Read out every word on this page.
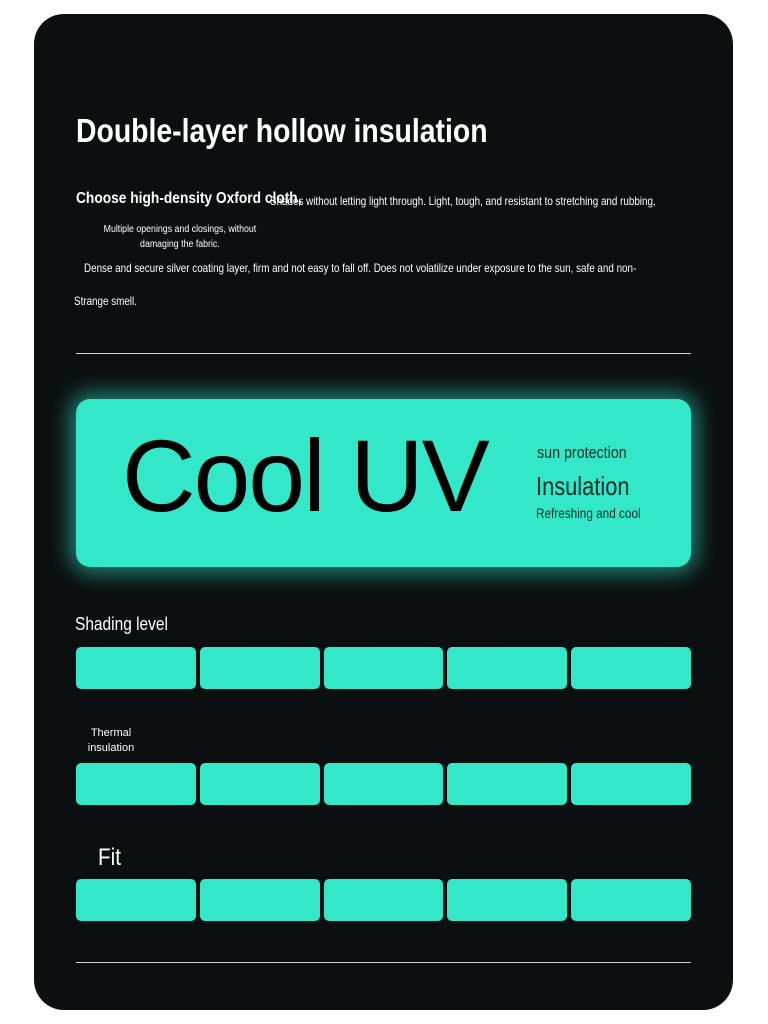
Double-layer hollow insulation
Choose high-density Oxford cloth,
Shades without letting light through. Light, tough, and resistant to stretching and rubbing,
Multiple openings and closings, without damaging the fabric.
Dense and secure silver coating layer, firm and not easy to fall off. Does not volatilize under exposure to the sun, safe and non-
Strange smell.
Cool UV	sun protection
Insulation
Refreshing and cool
Shading level
Thermal insulation
Fit
